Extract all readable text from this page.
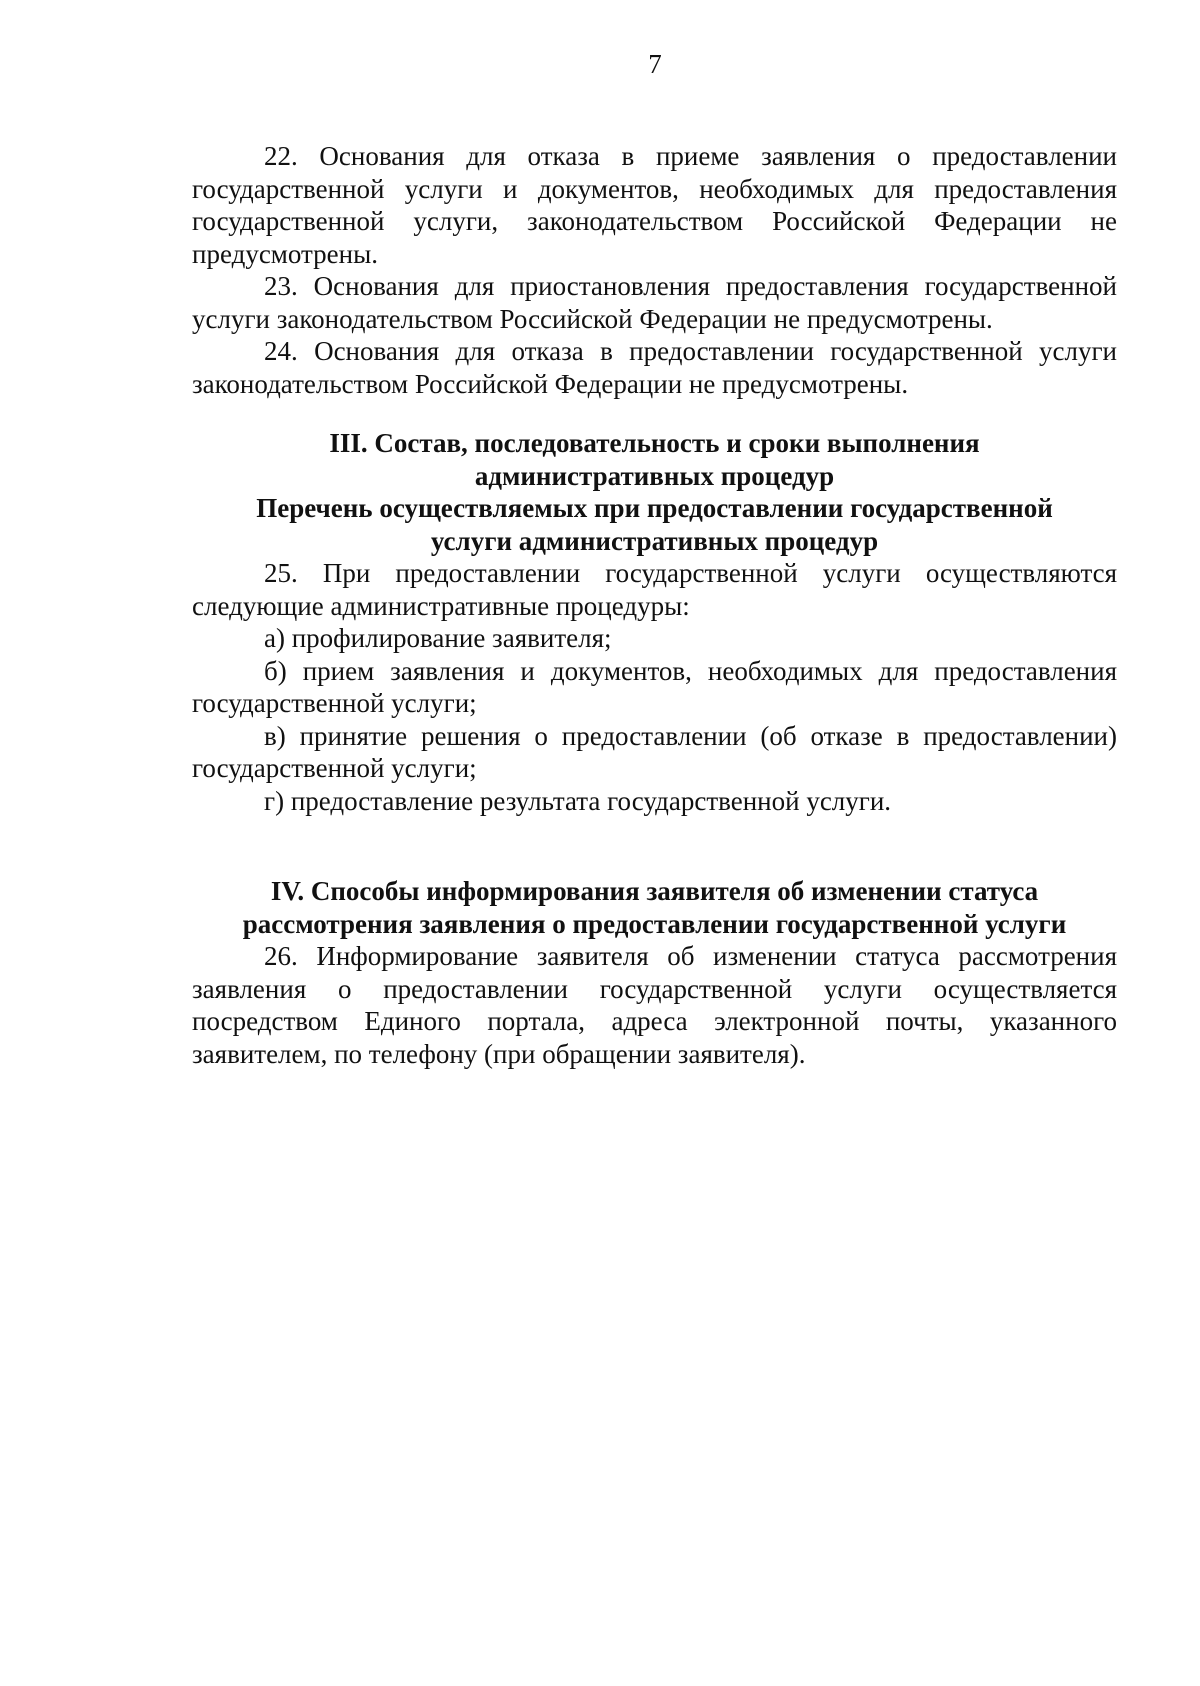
7

22. Основания для отказа в приеме заявления о предоставлении государственной услуги и документов, необходимых для предоставления государственной услуги, законодательством Российской Федерации не предусмотрены.

23. Основания для приостановления предоставления государственной услуги законодательством Российской Федерации не предусмотрены.

24. Основания для отказа в предоставлении государственной услуги законодательством Российской Федерации не предусмотрены.

III. Состав, последовательность и сроки выполнения

административных процедур

Перечень осуществляемых при предоставлении государственной

услуги административных процедур

25. При предоставлении государственной услуги осуществляются следующие административные процедуры:

а) профилирование заявителя;

б) прием заявления и документов, необходимых для предоставления государственной услуги;

в) принятие решения о предоставлении (об отказе в предоставлении) государственной услуги;

г) предоставление результата государственной услуги.

IV. Способы информирования заявителя об изменении статуса

рассмотрения заявления о предоставлении государственной услуги

26. Информирование заявителя об изменении статуса рассмотрения заявления о предоставлении государственной услуги осуществляется посредством Единого портала, адреса электронной почты, указанного заявителем, по телефону (при обращении заявителя).
